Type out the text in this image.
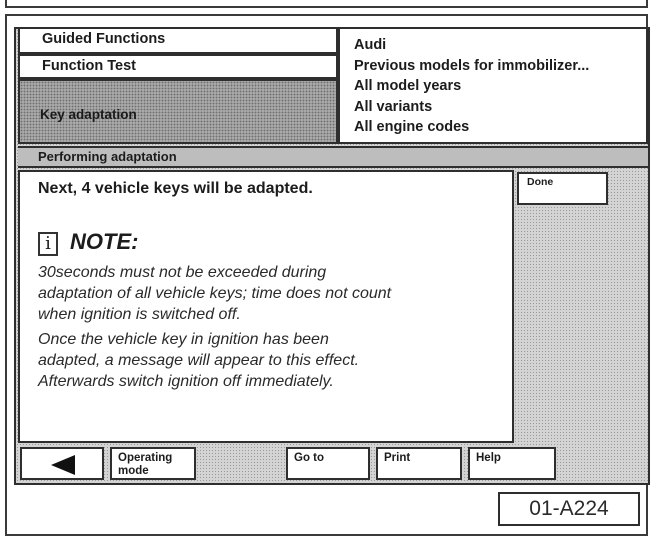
Guided Functions
Function Test
Key adaptation
Audi
Previous models for immobilizer...
All model years
All variants
All engine codes
Performing adaptation
Next, 4 vehicle keys will be adapted.
i NOTE:
30seconds must not be exceeded during
adaptation of all vehicle keys; time does not count
when ignition is switched off.
Once the vehicle key in ignition has been
adapted, a message will appear to this effect.
Afterwards switch ignition off immediately.
Done
Operating
mode
Go to	Print	Help
01-A224
